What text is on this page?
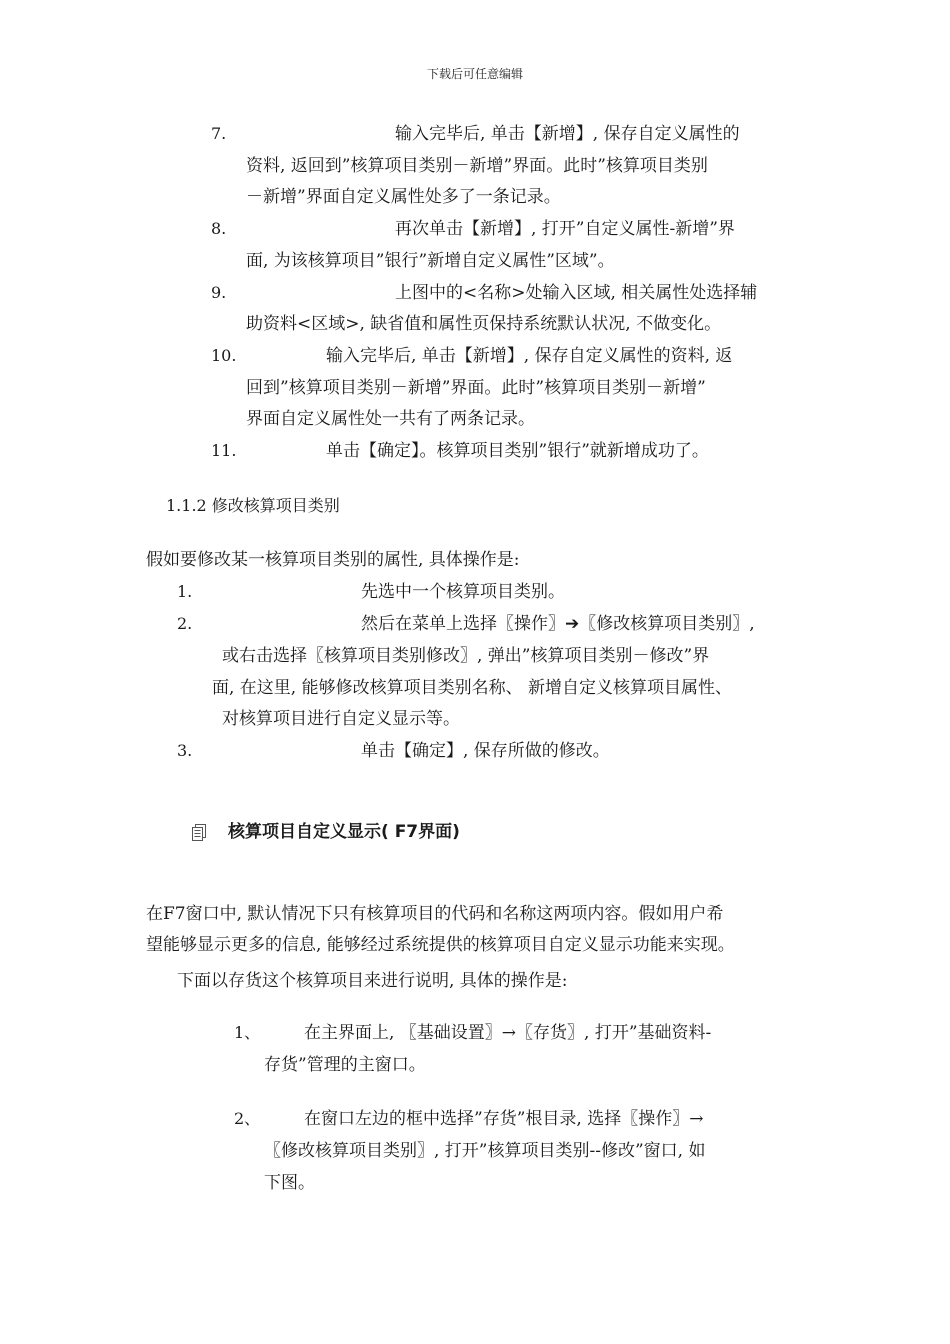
下载后可任意编辑
7.	输入完毕后, 单击【新增】, 保存自定义属性的
资料, 返回到”核算项目类别－新增”界面。此时”核算项目类别
－新增”界面自定义属性处多了一条记录。
8.	再次单击【新增】, 打开”自定义属性-新增”界
面, 为该核算项目”银行”新增自定义属性”区域”。
9.	上图中的<名称>处输入区域, 相关属性处选择辅
助资料<区域>, 缺省值和属性页保持系统默认状况, 不做变化。
10.	输入完毕后, 单击【新增】, 保存自定义属性的资料, 返
回到”核算项目类别－新增”界面。此时”核算项目类别－新增”
界面自定义属性处一共有了两条记录。
11.	单击【确定】。核算项目类别”银行”就新增成功了。
1.1.2 修改核算项目类别
假如要修改某一核算项目类别的属性, 具体操作是:
1.	先选中一个核算项目类别。
2.	然后在菜单上选择〖操作〗➔〖修改核算项目类别〗,
或右击选择〖核算项目类别修改〗, 弹出”核算项目类别－修改”界
面, 在这里, 能够修改核算项目类别名称、 新增自定义核算项目属性、
对核算项目进行自定义显示等。
3.	单击【确定】, 保存所做的修改。
核算项目自定义显示( F7界面)
在F7窗口中, 默认情况下只有核算项目的代码和名称这两项内容。假如用户希
望能够显示更多的信息, 能够经过系统提供的核算项目自定义显示功能来实现。
下面以存货这个核算项目来进行说明, 具体的操作是:
1、	在主界面上, 〖基础设置〗→〖存货〗, 打开”基础资料-
存货”管理的主窗口。
2、	在窗口左边的框中选择”存货”根目录, 选择〖操作〗→
〖修改核算项目类别〗, 打开”核算项目类别--修改”窗口, 如
下图。
